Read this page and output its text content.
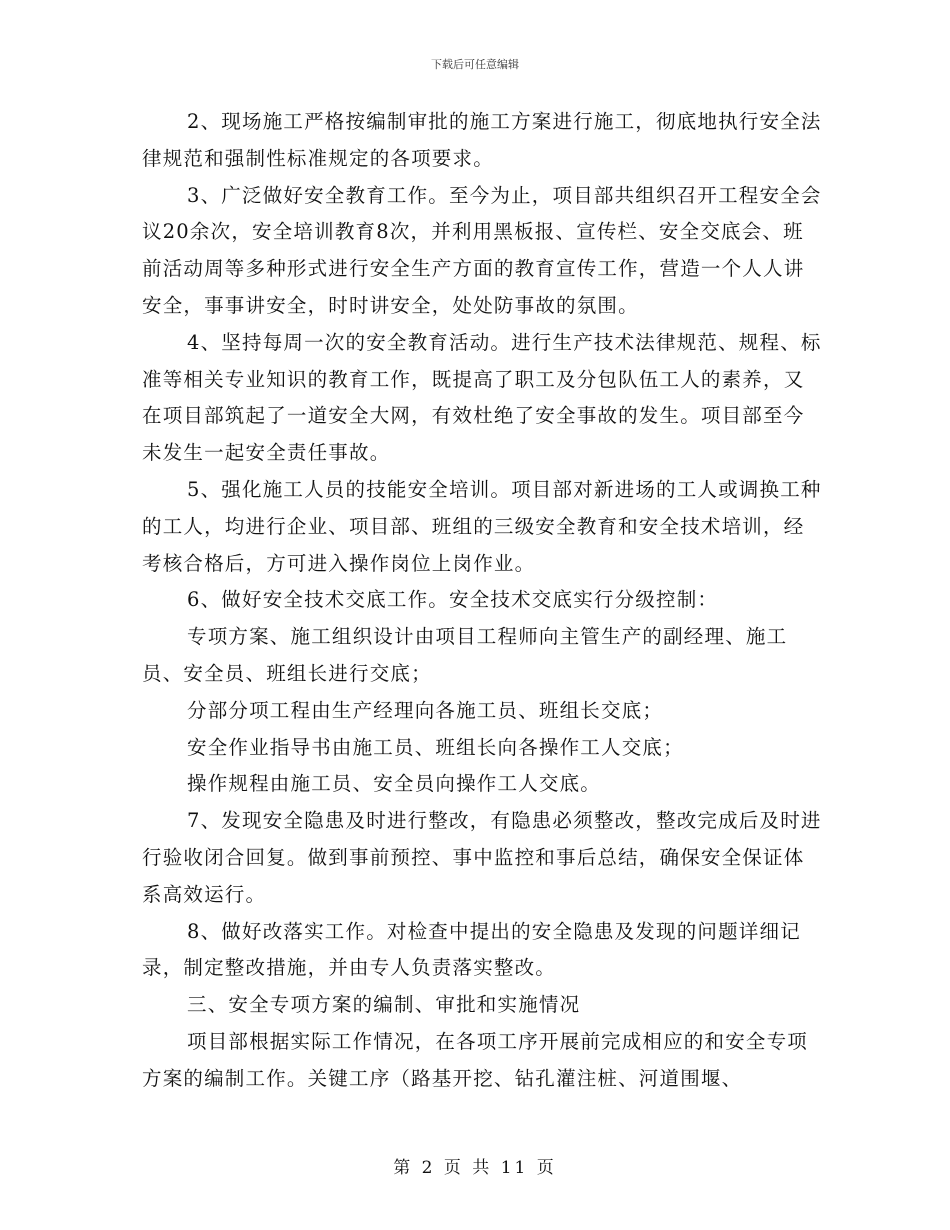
下载后可任意编辑

2、现场施工严格按编制审批的施工方案进行施工，彻底地执行安全法律规范和强制性标准规定的各项要求。

3、广泛做好安全教育工作。至今为止，项目部共组织召开工程安全会议20余次，安全培训教育8次，并利用黑板报、宣传栏、安全交底会、班前活动周等多种形式进行安全生产方面的教育宣传工作，营造一个人人讲安全，事事讲安全，时时讲安全，处处防事故的氛围。

4、坚持每周一次的安全教育活动。进行生产技术法律规范、规程、标准等相关专业知识的教育工作，既提高了职工及分包队伍工人的素养，又在项目部筑起了一道安全大网，有效杜绝了安全事故的发生。项目部至今未发生一起安全责任事故。

5、强化施工人员的技能安全培训。项目部对新进场的工人或调换工种的工人，均进行企业、项目部、班组的三级安全教育和安全技术培训，经考核合格后，方可进入操作岗位上岗作业。

6、做好安全技术交底工作。安全技术交底实行分级控制：

专项方案、施工组织设计由项目工程师向主管生产的副经理、施工员、安全员、班组长进行交底；

分部分项工程由生产经理向各施工员、班组长交底；

安全作业指导书由施工员、班组长向各操作工人交底；

操作规程由施工员、安全员向操作工人交底。

7、发现安全隐患及时进行整改，有隐患必须整改，整改完成后及时进行验收闭合回复。做到事前预控、事中监控和事后总结，确保安全保证体系高效运行。

8、做好改落实工作。对检查中提出的安全隐患及发现的问题详细记录，制定整改措施，并由专人负责落实整改。

三、安全专项方案的编制、审批和实施情况

项目部根据实际工作情况，在各项工序开展前完成相应的和安全专项方案的编制工作。关键工序（路基开挖、钻孔灌注桩、河道围堰、

第 2 页 共 11 页
